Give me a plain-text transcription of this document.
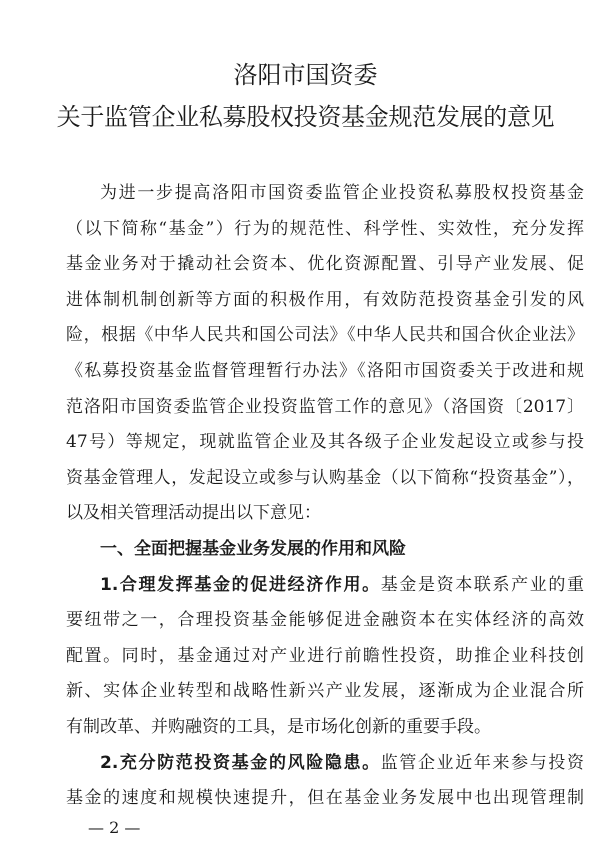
洛阳市国资委
关于监管企业私募股权投资基金规范发展的意见
为进一步提高洛阳市国资委监管企业投资私募股权投资基金
（以下简称“基金”）行为的规范性、科学性、实效性，充分发挥
基金业务对于撬动社会资本、优化资源配置、引导产业发展、促
进体制机制创新等方面的积极作用，有效防范投资基金引发的风
险，根据《中华人民共和国公司法》《中华人民共和国合伙企业法》
《私募投资基金监督管理暂行办法》《洛阳市国资委关于改进和规
范洛阳市国资委监管企业投资监管工作的意见》（洛国资〔2017〕
47号）等规定，现就监管企业及其各级子企业发起设立或参与投
资基金管理人，发起设立或参与认购基金（以下简称“投资基金”），
以及相关管理活动提出以下意见：
一、全面把握基金业务发展的作用和风险
1.合理发挥基金的促进经济作用。基金是资本联系产业的重
要纽带之一，合理投资基金能够促进金融资本在实体经济的高效
配置。同时，基金通过对产业进行前瞻性投资，助推企业科技创
新、实体企业转型和战略性新兴产业发展，逐渐成为企业混合所
有制改革、并购融资的工具，是市场化创新的重要手段。
2.充分防范投资基金的风险隐患。监管企业近年来参与投资
基金的速度和规模快速提升，但在基金业务发展中也出现管理制
— 2 —
